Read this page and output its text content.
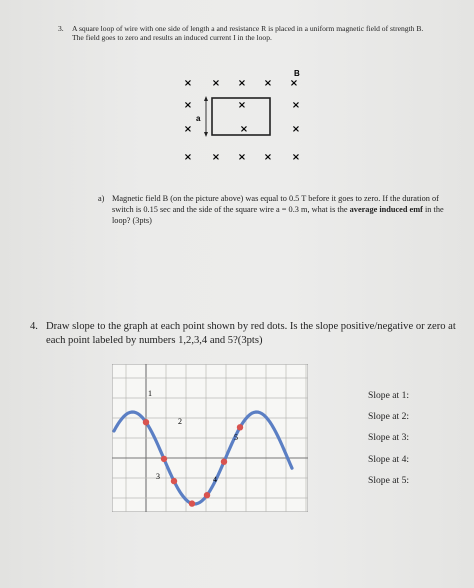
3. A square loop of wire with one side of length a and resistance R is placed in a uniform magnetic field of strength B. The field goes to zero and results an induced current I in the loop.
× × × × ×
×	×	×
×	×	×
× × × × ×
B
a
a) Magnetic field B (on the picture above) was equal to 0.5 T before it goes to zero. If the duration of switch is 0.15 sec and the side of the square wire a = 0.3 m, what is the average induced emf in the loop? (3pts)
4. Draw slope to the graph at each point shown by red dots. Is the slope positive/negative or zero at each point labeled by numbers 1,2,3,4 and 5?(3pts)
1
2
3	4
5
Slope at 1:
Slope at 2:
Slope at 3:
Slope at 4:
Slope at 5:
